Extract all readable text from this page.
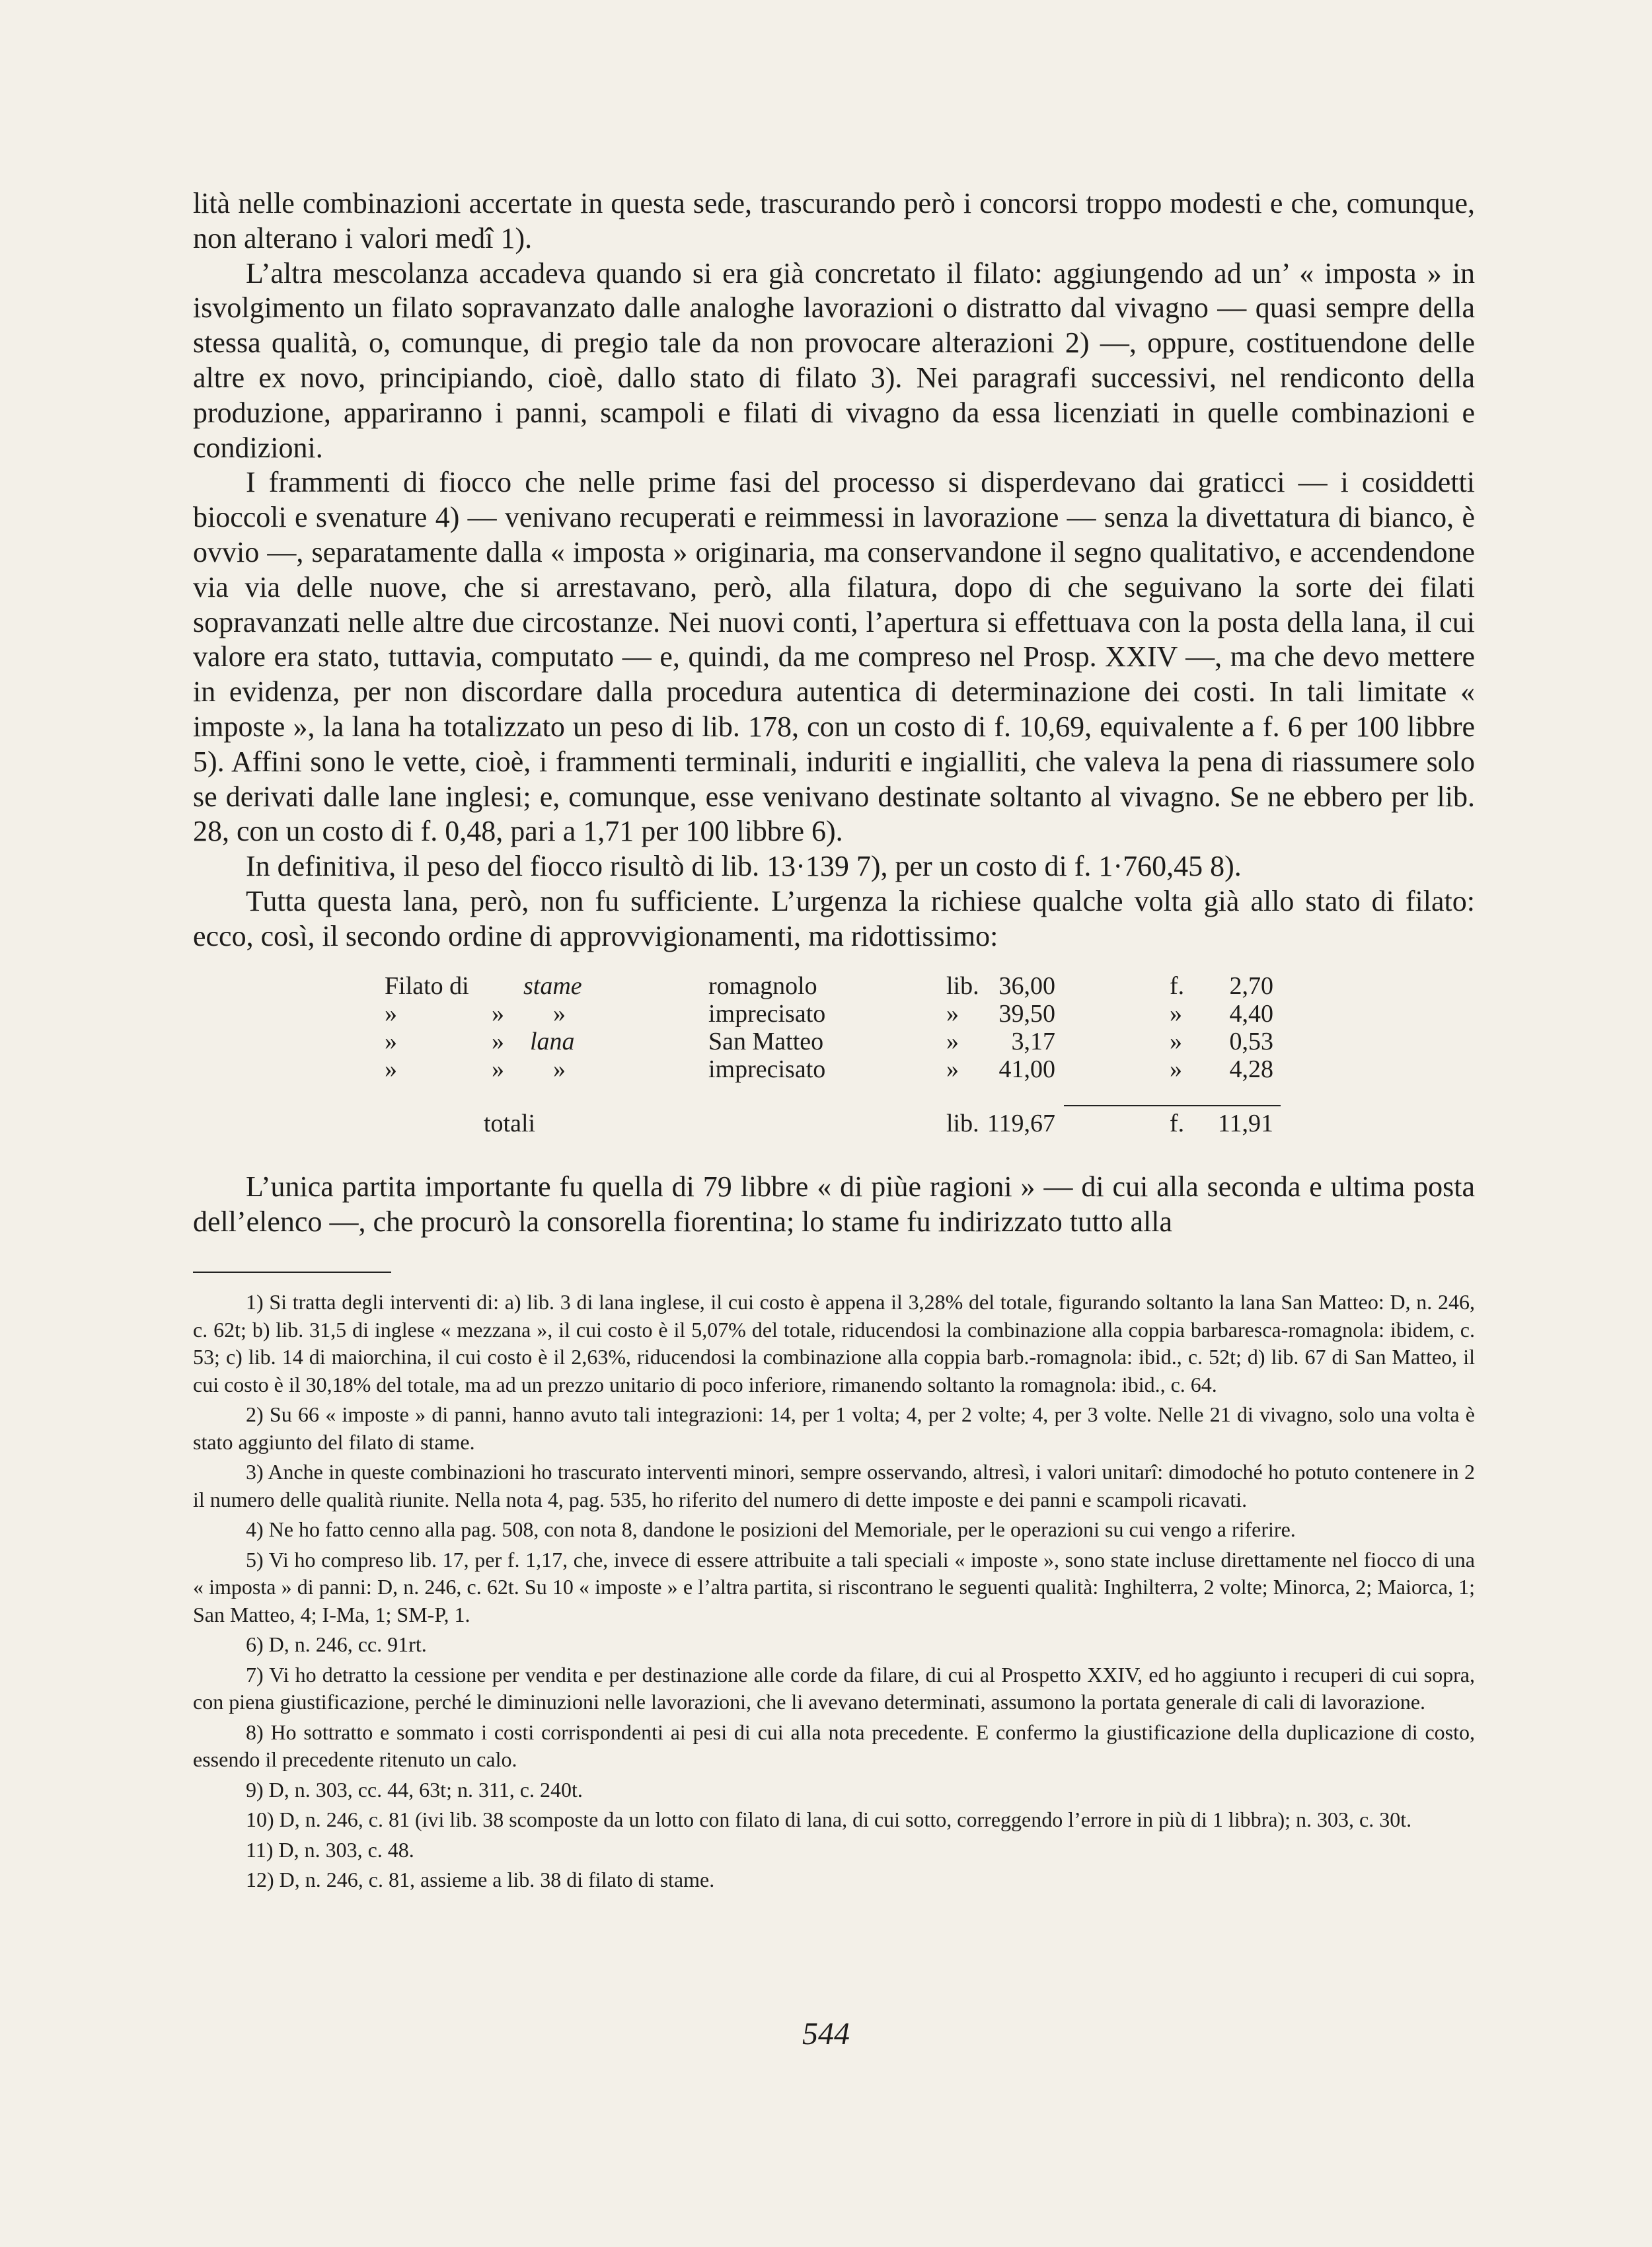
lità nelle combinazioni accertate in questa sede, trascurando però i concorsi troppo modesti e che, comunque, non alterano i valori medî 1).

L’altra mescolanza accadeva quando si era già concretato il filato: aggiungendo ad un’ « imposta » in isvolgimento un filato sopravanzato dalle analoghe lavorazioni o distratto dal vivagno — quasi sempre della stessa qualità, o, comunque, di pregio tale da non provocare alterazioni 2) —, oppure, costituendone delle altre ex novo, principiando, cioè, dallo stato di filato 3). Nei paragrafi successivi, nel rendiconto della produzione, appariranno i panni, scampoli e filati di vivagno da essa licenziati in quelle combinazioni e condizioni.

I frammenti di fiocco che nelle prime fasi del processo si disperdevano dai graticci — i cosiddetti bioccoli e svenature 4) — venivano recuperati e reimmessi in lavorazione — senza la divettatura di bianco, è ovvio —, separatamente dalla « imposta » originaria, ma conservandone il segno qualitativo, e accendendone via via delle nuove, che si arrestavano, però, alla filatura, dopo di che seguivano la sorte dei filati sopravanzati nelle altre due circostanze. Nei nuovi conti, l’apertura si effettuava con la posta della lana, il cui valore era stato, tuttavia, computato — e, quindi, da me compreso nel Prosp. XXIV —, ma che devo mettere in evidenza, per non discordare dalla procedura autentica di determinazione dei costi. In tali limitate « imposte », la lana ha totalizzato un peso di lib. 178, con un costo di f. 10,69, equivalente a f. 6 per 100 libbre 5). Affini sono le vette, cioè, i frammenti terminali, induriti e ingialliti, che valeva la pena di riassumere solo se derivati dalle lane inglesi; e, comunque, esse venivano destinate soltanto al vivagno. Se ne ebbero per lib. 28, con un costo di f. 0,48, pari a 1,71 per 100 libbre 6).

In definitiva, il peso del fiocco risultò di lib. 13·139 7), per un costo di f. 1·760,45 8).

Tutta questa lana, però, non fu sufficiente. L’urgenza la richiese qualche volta già allo stato di filato: ecco, così, il secondo ordine di approvvigionamenti, ma ridottissimo:

Filato di stame	romagnolo	lib. 36,00	f. 2,70
»	» »	imprecisato	» 39,50	» 4,40
»	» lana	San Matteo	» 3,17	» 0,53
»	» »	imprecisato	» 41,00	» 4,28
totali	lib. 119,67	f. 11,91

L’unica partita importante fu quella di 79 libbre « di piùe ragioni » — di cui alla seconda e ultima posta dell’elenco —, che procurò la consorella fiorentina; lo stame fu indirizzato tutto alla

1) Si tratta degli interventi di: a) lib. 3 di lana inglese, il cui costo è appena il 3,28% del totale, figurando soltanto la lana San Matteo: D, n. 246, c. 62t; b) lib. 31,5 di inglese « mezzana », il cui costo è il 5,07% del totale, riducendosi la combinazione alla coppia barbaresca-romagnola: ibidem, c. 53; c) lib. 14 di maiorchina, il cui costo è il 2,63%, riducendosi la combinazione alla coppia barb.-romagnola: ibid., c. 52t; d) lib. 67 di San Matteo, il cui costo è il 30,18% del totale, ma ad un prezzo unitario di poco inferiore, rimanendo soltanto la romagnola: ibid., c. 64.

2) Su 66 « imposte » di panni, hanno avuto tali integrazioni: 14, per 1 volta; 4, per 2 volte; 4, per 3 volte. Nelle 21 di vivagno, solo una volta è stato aggiunto del filato di stame.

3) Anche in queste combinazioni ho trascurato interventi minori, sempre osservando, altresì, i valori unitarî: dimodoché ho potuto contenere in 2 il numero delle qualità riunite. Nella nota 4, pag. 535, ho riferito del numero di dette imposte e dei panni e scampoli ricavati.

4) Ne ho fatto cenno alla pag. 508, con nota 8, dandone le posizioni del Memoriale, per le operazioni su cui vengo a riferire.

5) Vi ho compreso lib. 17, per f. 1,17, che, invece di essere attribuite a tali speciali « imposte », sono state incluse direttamente nel fiocco di una « imposta » di panni: D, n. 246, c. 62t. Su 10 « imposte » e l’altra partita, si riscontrano le seguenti qualità: Inghilterra, 2 volte; Minorca, 2; Maiorca, 1; San Matteo, 4; I-Ma, 1; SM-P, 1.

6) D, n. 246, cc. 91rt.

7) Vi ho detratto la cessione per vendita e per destinazione alle corde da filare, di cui al Prospetto XXIV, ed ho aggiunto i recuperi di cui sopra, con piena giustificazione, perché le diminuzioni nelle lavorazioni, che li avevano determinati, assumono la portata generale di cali di lavorazione.

8) Ho sottratto e sommato i costi corrispondenti ai pesi di cui alla nota precedente. E confermo la giustificazione della duplicazione di costo, essendo il precedente ritenuto un calo.

9) D, n. 303, cc. 44, 63t; n. 311, c. 240t.

10) D, n. 246, c. 81 (ivi lib. 38 scomposte da un lotto con filato di lana, di cui sotto, correggendo l’errore in più di 1 libbra); n. 303, c. 30t.

11) D, n. 303, c. 48.

12) D, n. 246, c. 81, assieme a lib. 38 di filato di stame.

544
